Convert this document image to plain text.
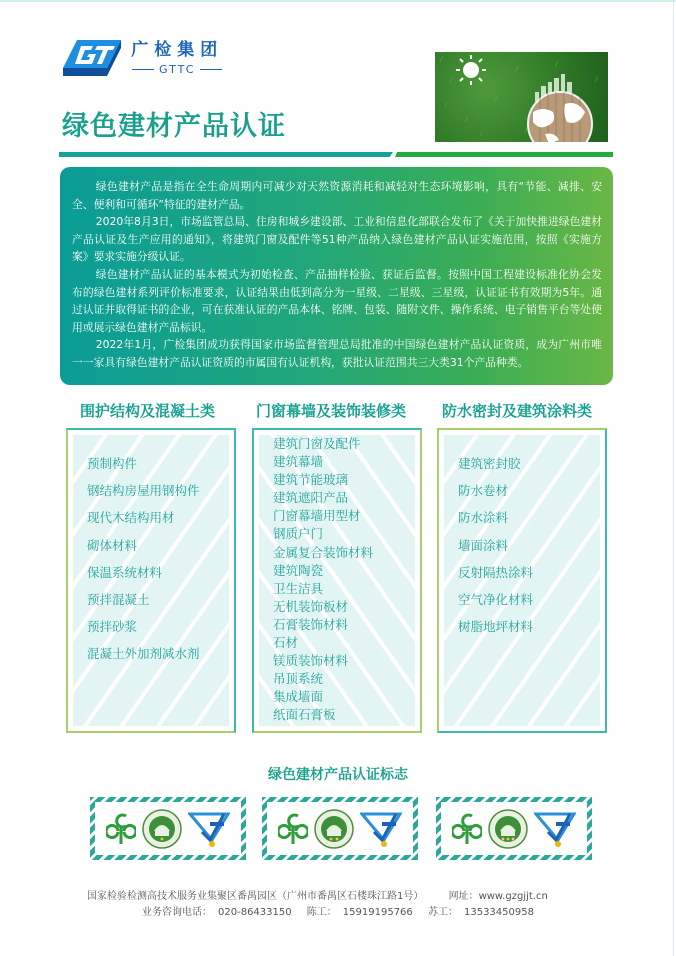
广检集团
GTTC
绿色建材产品认证

绿色建材产品是指在全生命周期内可减少对天然资源消耗和减轻对生态环境影响，具有“节能、减排、安全、便利和可循环”特征的建材产品。

2020年8月3日，市场监管总局、住房和城乡建设部、工业和信息化部联合发布了《关于加快推进绿色建材产品认证及生产应用的通知》，将建筑门窗及配件等51种产品纳入绿色建材产品认证实施范围，按照《实施方案》要求实施分级认证。

绿色建材产品认证的基本模式为初始检查、产品抽样检验、获证后监督。按照中国工程建设标准化协会发布的绿色建材系列评价标准要求，认证结果由低到高分为一星级、二星级、三星级，认证证书有效期为5年。通过认证并取得证书的企业，可在获准认证的产品本体、铭牌、包装、随附文件、操作系统、电子销售平台等处使用或展示绿色建材产品标识。

2022年1月，广检集团成功获得国家市场监督管理总局批准的中国绿色建材产品认证资质，成为广州市唯一一家具有绿色建材产品认证资质的市属国有认证机构，获批认证范围共三大类31个产品种类。

围护结构及混凝土类
预制构件
钢结构房屋用钢构件
现代木结构用材
砌体材料
保温系统材料
预拌混凝土
预拌砂浆
混凝土外加剂减水剂
门窗幕墙及装饰装修类
建筑门窗及配件
建筑幕墙
建筑节能玻璃
建筑遮阳产品
门窗幕墙用型材
钢质户门
金属复合装饰材料
建筑陶瓷
卫生洁具
无机装饰板材
石膏装饰材料
石材
镁质装饰材料
吊顶系统
集成墙面
纸面石膏板
防水密封及建筑涂料类
建筑密封胶
防水卷材
防水涂料
墙面涂料
反射隔热涂料
空气净化材料
树脂地坪材料
绿色建材产品认证标志
国家检验检测高技术服务业集聚区番禺园区（广州市番禺区石楼珠江路1号）	网址：www.gzgjjt.cn
业务咨询电话： 020-86433150 陈工： 15919195766 苏工： 13533450958
